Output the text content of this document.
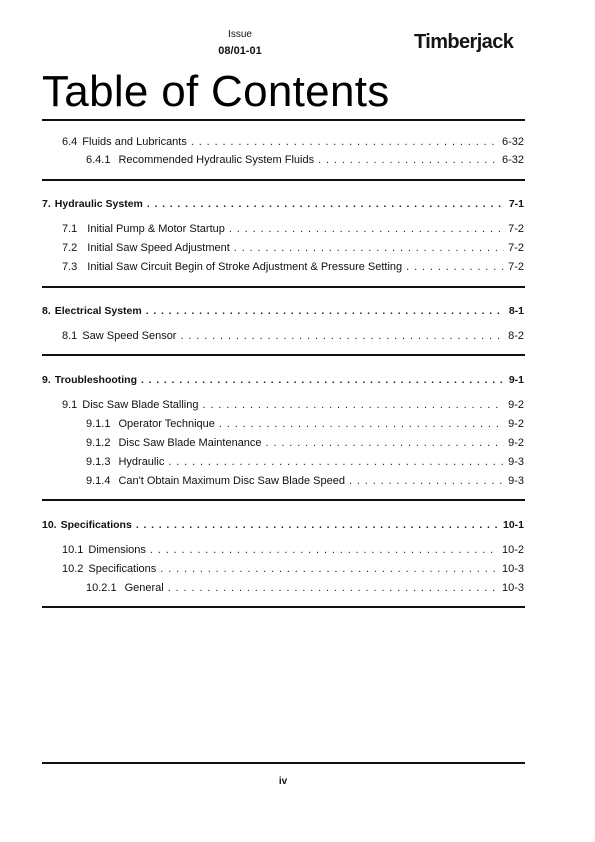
Issue
08/01-01	Timberjack
Table of Contents
6.4 Fluids and Lubricants . . .	6-32
6.4.1 Recommended Hydraulic System Fluids . . .	6-32
7. Hydraulic System . . .	7-1
7.1 Initial Pump & Motor Startup . . .	7-2
7.2 Initial Saw Speed Adjustment . . .	7-2
7.3 Initial Saw Circuit Begin of Stroke Adjustment & Pressure Setting . . .	7-2
8. Electrical System . . .	8-1
8.1 Saw Speed Sensor . . .	8-2
9. Troubleshooting . . .	9-1
9.1 Disc Saw Blade Stalling . . .	9-2
9.1.1 Operator Technique . . .	9-2
9.1.2 Disc Saw Blade Maintenance . . .	9-2
9.1.3 Hydraulic . . .	9-3
9.1.4 Can't Obtain Maximum Disc Saw Blade Speed . . .	9-3
10. Specifications . . .	10-1
10.1 Dimensions . . .	10-2
10.2 Specifications . . .	10-3
10.2.1 General . . .	10-3
iv
